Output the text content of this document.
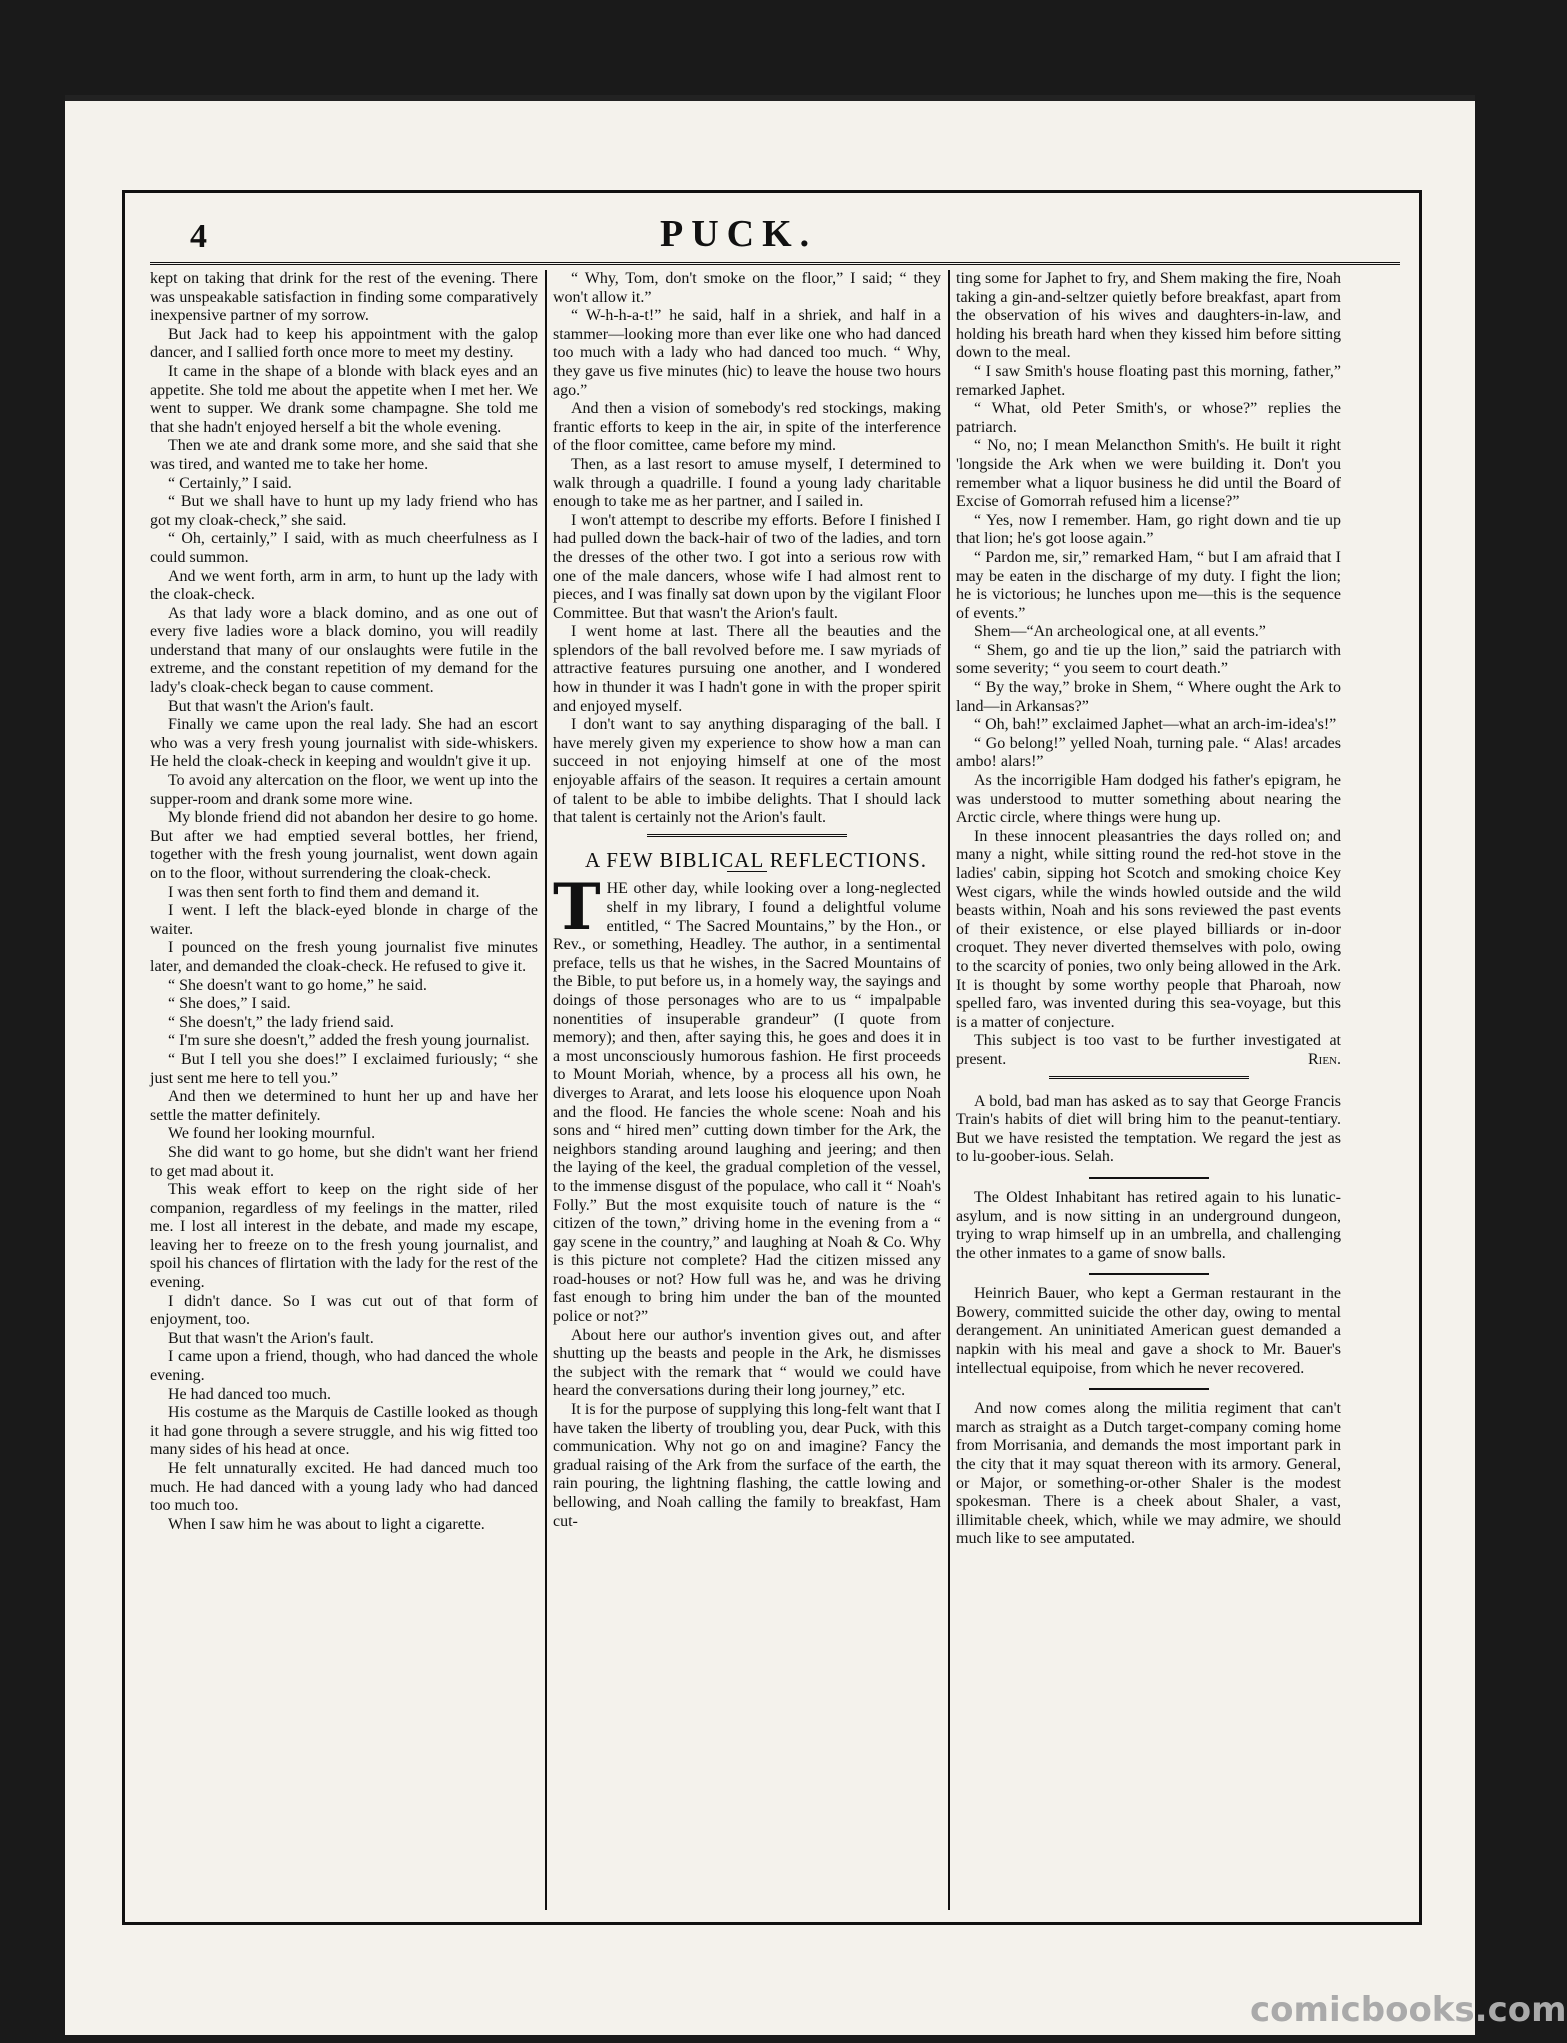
4	PUCK.

kept on taking that drink for the rest of the evening. There was unspeakable satisfaction in finding some comparatively inexpensive partner of my sorrow.

But Jack had to keep his appointment with the galop dancer, and I sallied forth once more to meet my destiny.

It came in the shape of a blonde with black eyes and an appetite. She told me about the appetite when I met her. We went to supper. We drank some champagne. She told me that she hadn't enjoyed herself a bit the whole evening.

Then we ate and drank some more, and she said that she was tired, and wanted me to take her home.

“ Certainly,” I said.

“ But we shall have to hunt up my lady friend who has got my cloak-check,” she said.

“ Oh, certainly,” I said, with as much cheerfulness as I could summon.

And we went forth, arm in arm, to hunt up the lady with the cloak-check.

As that lady wore a black domino, and as one out of every five ladies wore a black domino, you will readily understand that many of our onslaughts were futile in the extreme, and the constant repetition of my demand for the lady's cloak-check began to cause comment.

But that wasn't the Arion's fault.

Finally we came upon the real lady. She had an escort who was a very fresh young journalist with side-whiskers. He held the cloak-check in keeping and wouldn't give it up.

To avoid any altercation on the floor, we went up into the supper-room and drank some more wine.

My blonde friend did not abandon her desire to go home. But after we had emptied several bottles, her friend, together with the fresh young journalist, went down again on to the floor, without surrendering the cloak-check.

I was then sent forth to find them and demand it.

I went. I left the black-eyed blonde in charge of the waiter.

I pounced on the fresh young journalist five minutes later, and demanded the cloak-check. He refused to give it.

“ She doesn't want to go home,” he said.

“ She does,” I said.

“ She doesn't,” the lady friend said.

“ I'm sure she doesn't,” added the fresh young journalist.

“ But I tell you she does!” I exclaimed furiously; “ she just sent me here to tell you.”

And then we determined to hunt her up and have her settle the matter definitely.

We found her looking mournful.

She did want to go home, but she didn't want her friend to get mad about it.

This weak effort to keep on the right side of her companion, regardless of my feelings in the matter, riled me. I lost all interest in the debate, and made my escape, leaving her to freeze on to the fresh young journalist, and spoil his chances of flirtation with the lady for the rest of the evening.

I didn't dance. So I was cut out of that form of enjoyment, too.

But that wasn't the Arion's fault.

I came upon a friend, though, who had danced the whole evening.

He had danced too much.

His costume as the Marquis de Castille looked as though it had gone through a severe struggle, and his wig fitted too many sides of his head at once.

He felt unnaturally excited. He had danced much too much. He had danced with a young lady who had danced too much too.

When I saw him he was about to light a cigarette.

“ Why, Tom, don't smoke on the floor,” I said; “ they won't allow it.”

“ W-h-h-a-t!” he said, half in a shriek, and half in a stammer—looking more than ever like one who had danced too much with a lady who had danced too much. “ Why, they gave us five minutes (hic) to leave the house two hours ago.”

And then a vision of somebody's red stockings, making frantic efforts to keep in the air, in spite of the interference of the floor comittee, came before my mind.

Then, as a last resort to amuse myself, I determined to walk through a quadrille. I found a young lady charitable enough to take me as her partner, and I sailed in.

I won't attempt to describe my efforts. Before I finished I had pulled down the back-hair of two of the ladies, and torn the dresses of the other two. I got into a serious row with one of the male dancers, whose wife I had almost rent to pieces, and I was finally sat down upon by the vigilant Floor Committee. But that wasn't the Arion's fault.

I went home at last. There all the beauties and the splendors of the ball revolved before me. I saw myriads of attractive features pursuing one another, and I wondered how in thunder it was I hadn't gone in with the proper spirit and enjoyed myself.

I don't want to say anything disparaging of the ball. I have merely given my experience to show how a man can succeed in not enjoying himself at one of the most enjoyable affairs of the season. It requires a certain amount of talent to be able to imbibe delights. That I should lack that talent is certainly not the Arion's fault.

A FEW BIBLICAL REFLECTIONS.

THE other day, while looking over a long-neglected shelf in my library, I found a delightful volume entitled, “ The Sacred Mountains,” by the Hon., or Rev., or something, Headley. The author, in a sentimental preface, tells us that he wishes, in the Sacred Mountains of the Bible, to put before us, in a homely way, the sayings and doings of those personages who are to us “ impalpable nonentities of insuperable grandeur” (I quote from memory); and then, after saying this, he goes and does it in a most unconsciously humorous fashion. He first proceeds to Mount Moriah, whence, by a process all his own, he diverges to Ararat, and lets loose his eloquence upon Noah and the flood. He fancies the whole scene: Noah and his sons and “ hired men” cutting down timber for the Ark, the neighbors standing around laughing and jeering; and then the laying of the keel, the gradual completion of the vessel, to the immense disgust of the populace, who call it “ Noah's Folly.” But the most exquisite touch of nature is the “ citizen of the town,” driving home in the evening from a “ gay scene in the country,” and laughing at Noah & Co. Why is this picture not complete? Had the citizen missed any road-houses or not? How full was he, and was he driving fast enough to bring him under the ban of the mounted police or not?”

About here our author's invention gives out, and after shutting up the beasts and people in the Ark, he dismisses the subject with the remark that “ would we could have heard the conversations during their long journey,” etc.

It is for the purpose of supplying this long-felt want that I have taken the liberty of troubling you, dear Puck, with this communication. Why not go on and imagine? Fancy the gradual raising of the Ark from the surface of the earth, the rain pouring, the lightning flashing, the cattle lowing and bellowing, and Noah calling the family to breakfast, Ham cut-

ting some for Japhet to fry, and Shem making the fire, Noah taking a gin-and-seltzer quietly before breakfast, apart from the observation of his wives and daughters-in-law, and holding his breath hard when they kissed him before sitting down to the meal.

“ I saw Smith's house floating past this morning, father,” remarked Japhet.

“ What, old Peter Smith's, or whose?” replies the patriarch.

“ No, no; I mean Melancthon Smith's. He built it right 'longside the Ark when we were building it. Don't you remember what a liquor business he did until the Board of Excise of Gomorrah refused him a license?”

“ Yes, now I remember. Ham, go right down and tie up that lion; he's got loose again.”

“ Pardon me, sir,” remarked Ham, “ but I am afraid that I may be eaten in the discharge of my duty. I fight the lion; he is victorious; he lunches upon me—this is the sequence of events.”

Shem—“An archeological one, at all events.”

“ Shem, go and tie up the lion,” said the patriarch with some severity; “ you seem to court death.”

“ By the way,” broke in Shem, “ Where ought the Ark to land—in Arkansas?”

“ Oh, bah!” exclaimed Japhet—what an arch-im-idea's!”

“ Go belong!” yelled Noah, turning pale. “ Alas! arcades ambo! alars!”

As the incorrigible Ham dodged his father's epigram, he was understood to mutter something about nearing the Arctic circle, where things were hung up.

In these innocent pleasantries the days rolled on; and many a night, while sitting round the red-hot stove in the ladies' cabin, sipping hot Scotch and smoking choice Key West cigars, while the winds howled outside and the wild beasts within, Noah and his sons reviewed the past events of their existence, or else played billiards or in-door croquet. They never diverted themselves with polo, owing to the scarcity of ponies, two only being allowed in the Ark. It is thought by some worthy people that Pharoah, now spelled faro, was invented during this sea-voyage, but this is a matter of conjecture.

This subject is too vast to be further investigated at present.	Rien.

A bold, bad man has asked as to say that George Francis Train's habits of diet will bring him to the peanut-tentiary. But we have resisted the temptation. We regard the jest as to lu-goober-ious. Selah.

The Oldest Inhabitant has retired again to his lunatic-asylum, and is now sitting in an underground dungeon, trying to wrap himself up in an umbrella, and challenging the other inmates to a game of snow balls.

Heinrich Bauer, who kept a German restaurant in the Bowery, committed suicide the other day, owing to mental derangement. An uninitiated American guest demanded a napkin with his meal and gave a shock to Mr. Bauer's intellectual equipoise, from which he never recovered.

And now comes along the militia regiment that can't march as straight as a Dutch target-company coming home from Morrisania, and demands the most important park in the city that it may squat thereon with its armory. General, or Major, or something-or-other Shaler is the modest spokesman. There is a cheek about Shaler, a vast, illimitable cheek, which, while we may admire, we should much like to see amputated.

comicbooks.com
